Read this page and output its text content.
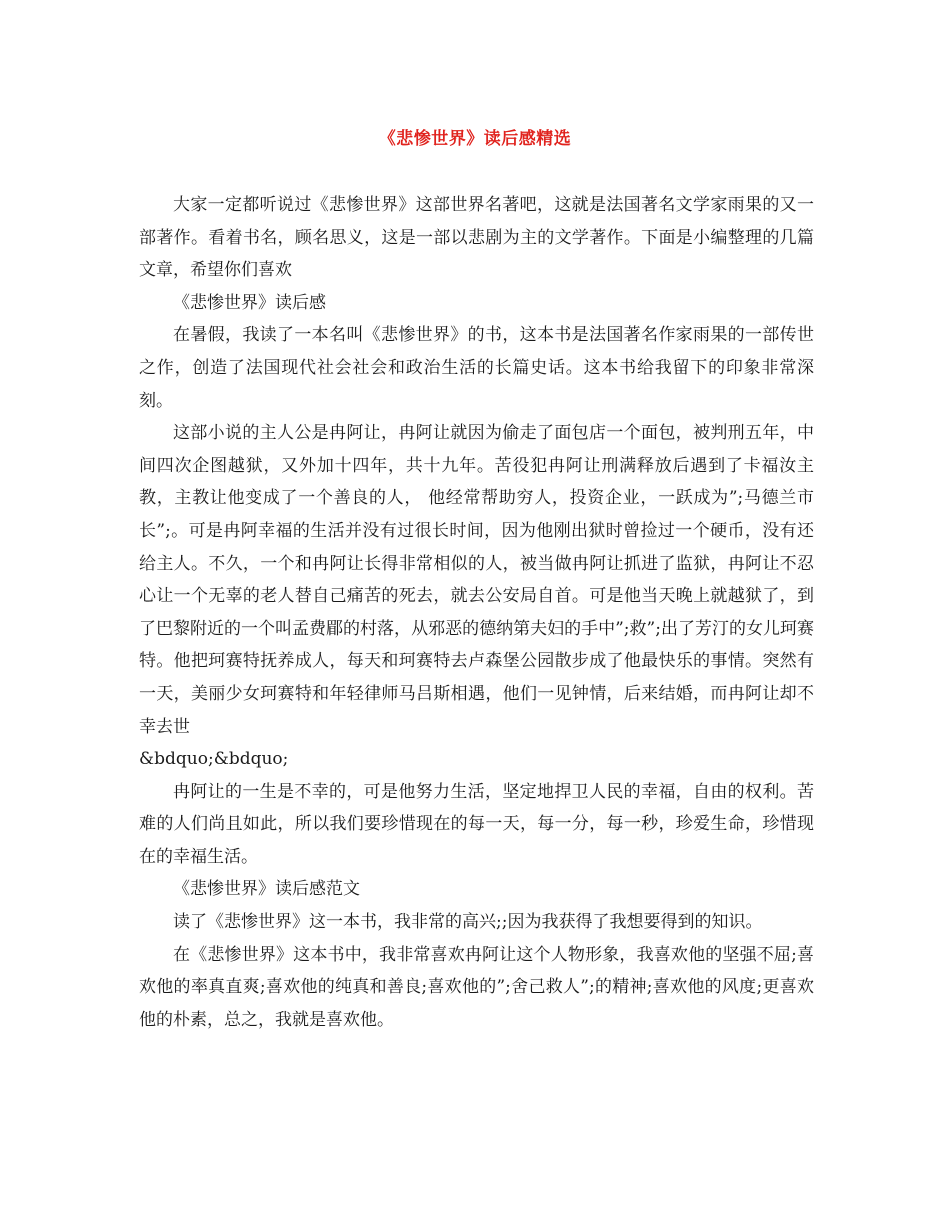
《悲惨世界》读后感精选

大家一定都听说过《悲惨世界》这部世界名著吧，这就是法国著名文学家雨果的又一部著作。看着书名，顾名思义，这是一部以悲剧为主的文学著作。下面是小编整理的几篇文章，希望你们喜欢

《悲惨世界》读后感

在暑假，我读了一本名叫《悲惨世界》的书，这本书是法国著名作家雨果的一部传世之作，创造了法国现代社会社会和政治生活的长篇史话。这本书给我留下的印象非常深刻。

这部小说的主人公是冉阿让，冉阿让就因为偷走了面包店一个面包，被判刑五年，中间四次企图越狱，又外加十四年，共十九年。苦役犯冉阿让刑满释放后遇到了卡福汝主教，主教让他变成了一个善良的人， 他经常帮助穷人，投资企业，一跃成为”;马德兰市长”;。可是冉阿幸福的生活并没有过很长时间，因为他刚出狱时曾捡过一个硬币，没有还给主人。不久，一个和冉阿让长得非常相似的人，被当做冉阿让抓进了监狱，冉阿让不忍心让一个无辜的老人替自己痛苦的死去，就去公安局自首。可是他当天晚上就越狱了，到了巴黎附近的一个叫孟费郿的村落，从邪恶的德纳第夫妇的手中”;救”;出了芳汀的女儿珂赛特。他把珂赛特抚养成人，每天和珂赛特去卢森堡公园散步成了他最快乐的事情。突然有一天，美丽少女珂赛特和年轻律师马吕斯相遇，他们一见钟情，后来结婚，而冉阿让却不幸去世

&bdquo;&bdquo;

冉阿让的一生是不幸的，可是他努力生活，坚定地捍卫人民的幸福，自由的权利。苦难的人们尚且如此，所以我们要珍惜现在的每一天，每一分，每一秒，珍爱生命，珍惜现在的幸福生活。

《悲惨世界》读后感范文

读了《悲惨世界》这一本书，我非常的高兴;;因为我获得了我想要得到的知识。

在《悲惨世界》这本书中，我非常喜欢冉阿让这个人物形象，我喜欢他的坚强不屈;喜欢他的率真直爽;喜欢他的纯真和善良;喜欢他的”;舍己救人”;的精神;喜欢他的风度;更喜欢他的朴素，总之，我就是喜欢他。
